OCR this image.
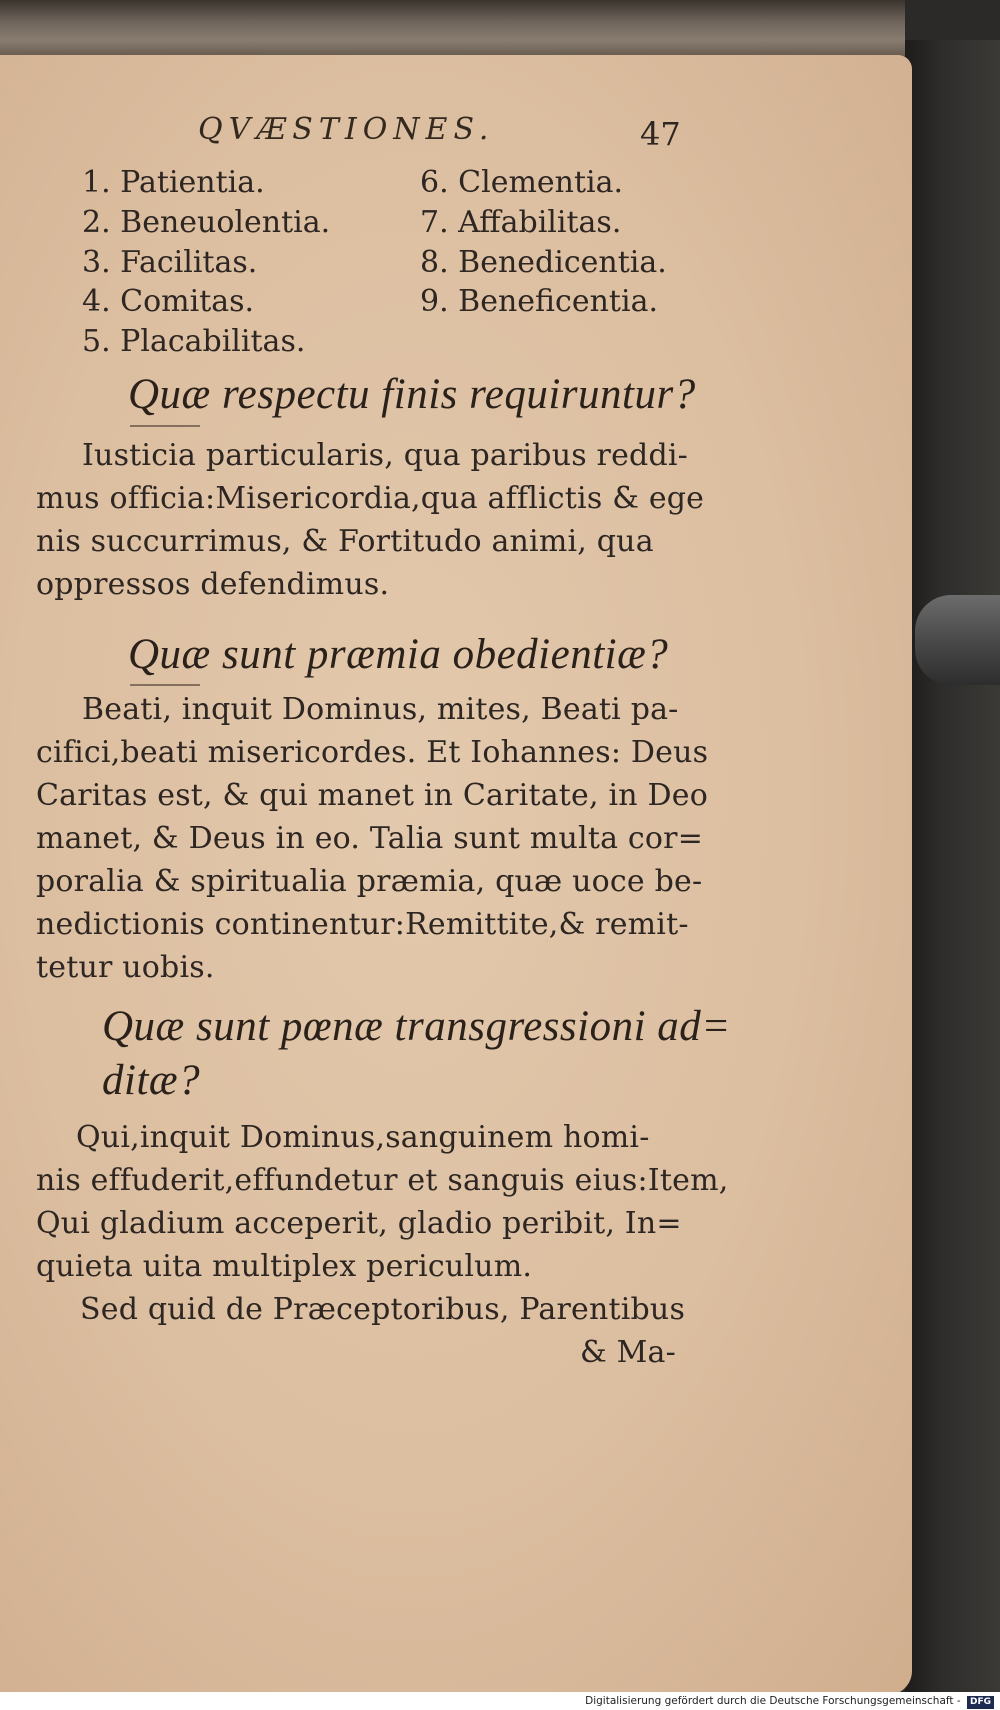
QVÆSTIONES.	47
1. Patientia.
2. Beneuolentia.
3. Facilitas.
4. Comitas.
5. Placabilitas.
6. Clementia.
7. Affabilitas.
8. Benedicentia.
9. Beneficentia.
Quæ respectu finis requiruntur?
Iusticia particularis, qua paribus reddi-
mus officia:Misericordia,qua afflictis & ege
nis succurrimus, & Fortitudo animi, qua
oppressos defendimus.
Quæ sunt præmia obedientiæ?
Beati, inquit Dominus, mites, Beati pa-
cifici,beati misericordes. Et Iohannes: Deus
Caritas est, & qui manet in Caritate, in Deo
manet, & Deus in eo. Talia sunt multa cor=
poralia & spiritualia præmia, quæ uoce be-
nedictionis continentur:Remittite,& remit-
tetur uobis.
Quæ sunt pœnæ transgressioni ad=
ditæ?
Qui,inquit Dominus,sanguinem homi-
nis effuderit,effundetur et sanguis eius:Item,
Qui gladium acceperit, gladio peribit, In=
quieta uita multiplex periculum.
Sed quid de Præceptoribus, Parentibus
& Ma-
Digitalisierung gefördert durch die Deutsche Forschungsgemeinschaft - DFG
